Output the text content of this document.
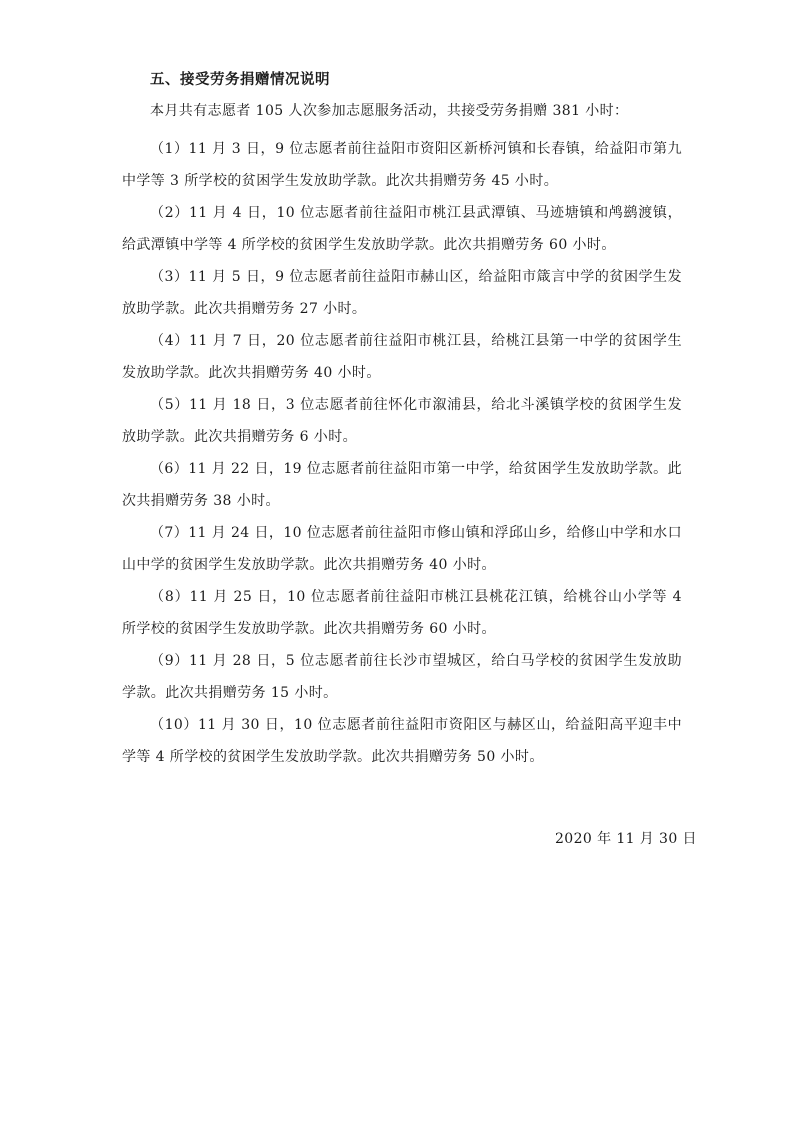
五、接受劳务捐赠情况说明
本月共有志愿者 105 人次参加志愿服务活动，共接受劳务捐赠 381 小时：
（1）11 月 3 日，9 位志愿者前往益阳市资阳区新桥河镇和长春镇，给益阳市第九中学等 3 所学校的贫困学生发放助学款。此次共捐赠劳务 45 小时。
（2）11 月 4 日，10 位志愿者前往益阳市桃江县武潭镇、马迹塘镇和鸬鹚渡镇，给武潭镇中学等 4 所学校的贫困学生发放助学款。此次共捐赠劳务 60 小时。
（3）11 月 5 日，9 位志愿者前往益阳市赫山区，给益阳市箴言中学的贫困学生发放助学款。此次共捐赠劳务 27 小时。
（4）11 月 7 日，20 位志愿者前往益阳市桃江县，给桃江县第一中学的贫困学生发放助学款。此次共捐赠劳务 40 小时。
（5）11 月 18 日，3 位志愿者前往怀化市溆浦县，给北斗溪镇学校的贫困学生发放助学款。此次共捐赠劳务 6 小时。
（6）11 月 22 日，19 位志愿者前往益阳市第一中学，给贫困学生发放助学款。此次共捐赠劳务 38 小时。
（7）11 月 24 日，10 位志愿者前往益阳市修山镇和浮邱山乡，给修山中学和水口山中学的贫困学生发放助学款。此次共捐赠劳务 40 小时。
（8）11 月 25 日，10 位志愿者前往益阳市桃江县桃花江镇，给桃谷山小学等 4 所学校的贫困学生发放助学款。此次共捐赠劳务 60 小时。
（9）11 月 28 日，5 位志愿者前往长沙市望城区，给白马学校的贫困学生发放助学款。此次共捐赠劳务 15 小时。
（10）11 月 30 日，10 位志愿者前往益阳市资阳区与赫区山，给益阳高平迎丰中学等 4 所学校的贫困学生发放助学款。此次共捐赠劳务 50 小时。
2020 年 11 月 30 日
